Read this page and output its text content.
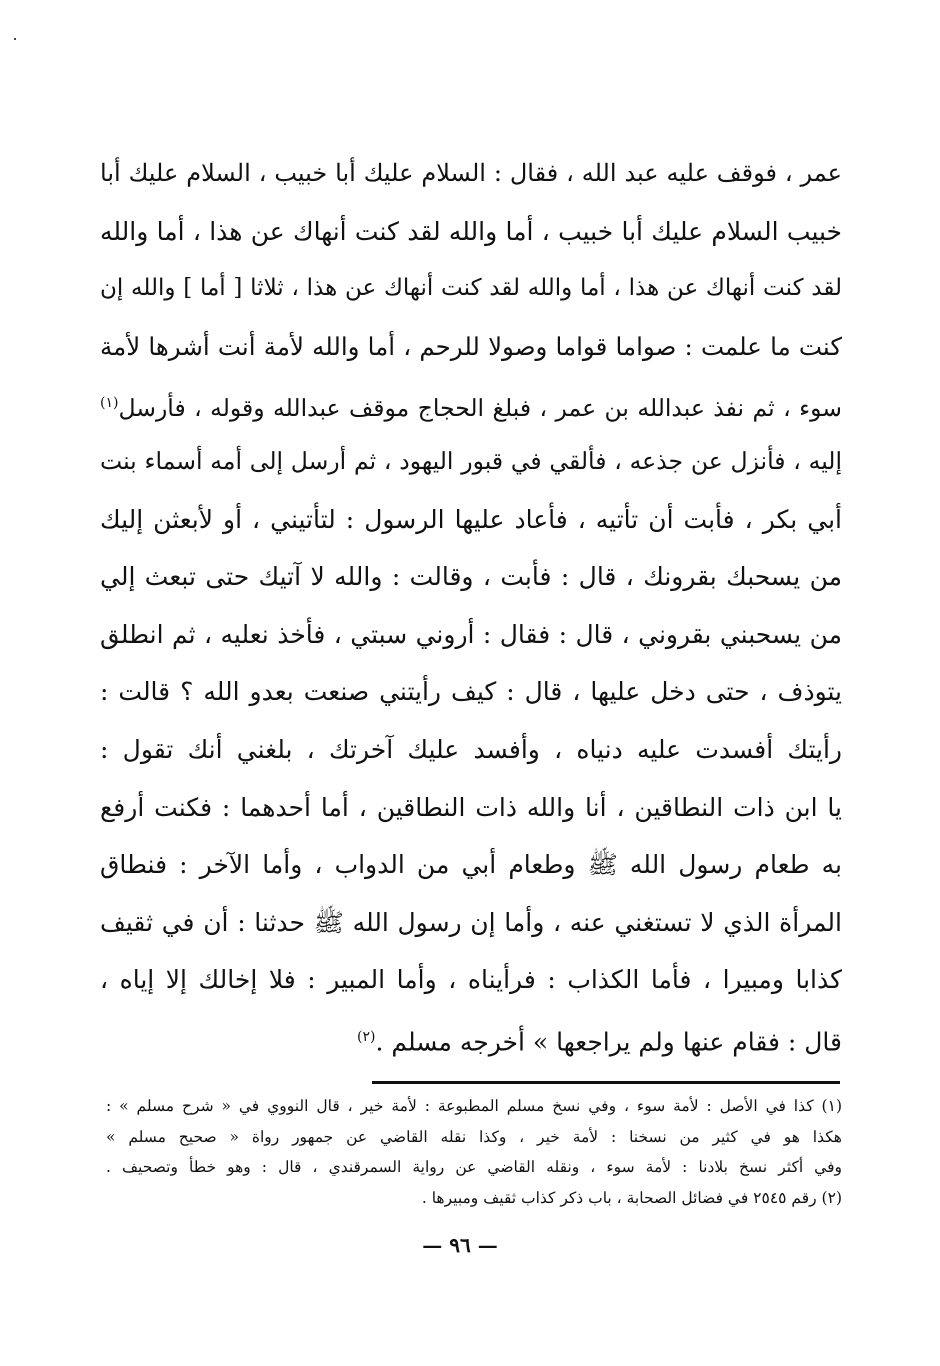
عمر ، فوقف عليه عبد الله ، فقال : السلام عليك أبا خبيب ، السلام عليك أبا
خبيب السلام عليك أبا خبيب ، أما والله لقد كنت أنهاك عن هذا ، أما والله
لقد كنت أنهاك عن هذا ، أما والله لقد كنت أنهاك عن هذا ، ثلاثا [ أما ] والله إن
كنت ما علمت : صواما قواما وصولا للرحم ، أما والله لأمة أنت أشرها لأمة
سوء ، ثم نفذ عبدالله بن عمر ، فبلغ الحجاج موقف عبدالله وقوله ، فأرسل$^{(١)}$
إليه ، فأنزل عن جذعه ، فألقي في قبور اليهود ، ثم أرسل إلى أمه أسماء بنت
أبي بكر ، فأبت أن تأتيه ، فأعاد عليها الرسول : لتأتيني ، أو لأبعثن إليك
من يسحبك بقرونك ، قال : فأبت ، وقالت : والله لا آتيك حتى تبعث إلي
من يسحبني بقروني ، قال : فقال : أروني سبتي ، فأخذ نعليه ، ثم انطلق
يتوذف ، حتى دخل عليها ، قال : كيف رأيتني صنعت بعدو الله ؟ قالت :
رأيتك أفسدت عليه دنياه ، وأفسد عليك آخرتك ، بلغني أنك تقول :
يا ابن ذات النطاقين ، أنا والله ذات النطاقين ، أما أحدهما : فكنت أرفع
به طعام رسول الله ﷺ وطعام أبي من الدواب ، وأما الآخر : فنطاق
المرأة الذي لا تستغني عنه ، وأما إن رسول الله ﷺ حدثنا : أن في ثقيف
كذابا ومبيرا ، فأما الكذاب : فرأيناه ، وأما المبير : فلا إخالك إلا إياه ،
قال : فقام عنها ولم يراجعها » أخرجه مسلم .$^{(٢)}$
(١) كذا في الأصل : لأمة سوء ، وفي نسخ مسلم المطبوعة : لأمة خير ، قال النووي في « شرح مسلم » :
هكذا هو في كثير من نسخنا : لأمة خير ، وكذا نقله القاضي عن جمهور رواة « صحيح مسلم »
وفي أكثر نسخ بلادنا : لأمة سوء ، ونقله القاضي عن رواية السمرقندي ، قال : وهو خطأ وتصحيف .
(٢) رقم ٢٥٤٥ في فضائل الصحابة ، باب ذكر كذاب ثقيف ومبيرها .
— ٩٦ —
